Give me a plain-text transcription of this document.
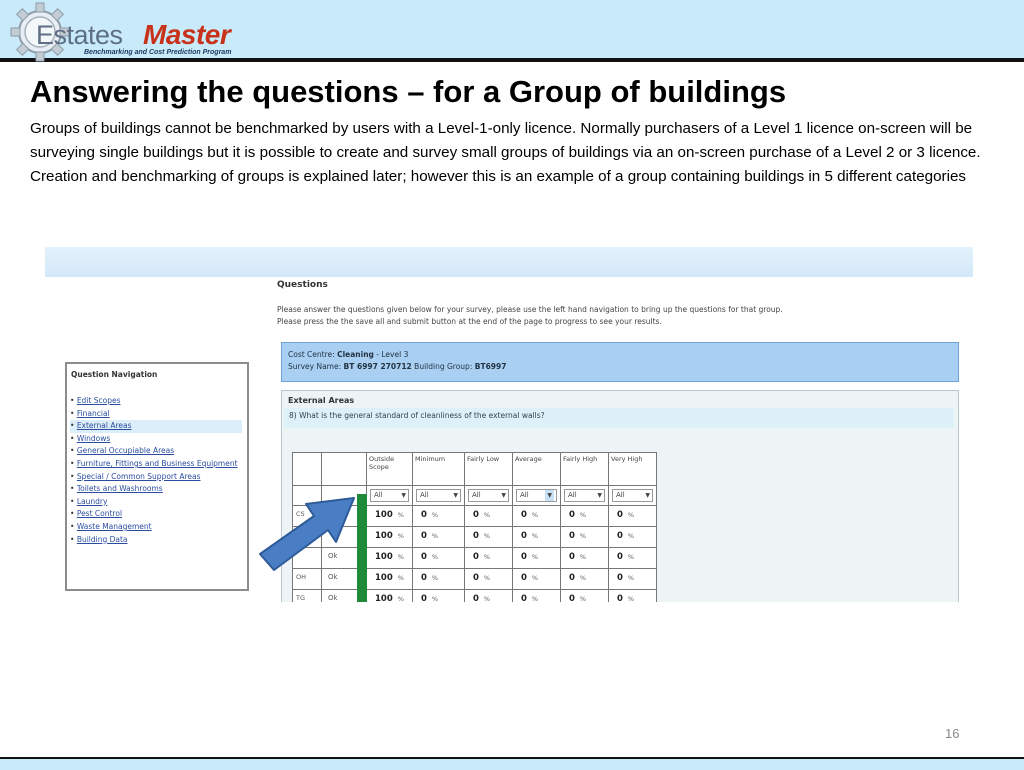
Estates Master
Benchmarking and Cost Prediction Program
Answering the questions – for a Group of buildings

Groups of buildings cannot be benchmarked by users with a Level-1-only licence. Normally purchasers of a Level 1 licence on-screen will be surveying single buildings but it is possible to create and survey small groups of buildings via an on-screen purchase of a Level 2 or 3 licence. Creation and benchmarking of groups is explained later; however this is an example of a group containing buildings in 5 different categories

Questions
Please answer the questions given below for your survey, please use the left hand navigation to bring up the questions for that group.
Please press the the save all and submit button at the end of the page to progress to see your results.
Question Navigation
• Edit Scopes
• Financial
• External Areas
• Windows
• General Occupiable Areas
• Furniture, Fittings and Business Equipment
• Special / Common Support Areas
• Toilets and Washrooms
• Laundry
• Pest Control
• Waste Management
• Building Data
Cost Centre: Cleaning - Level 3
Survey Name: BT 6997 270712 Building Group: BT6997
External Areas
8) What is the general standard of cleanliness of the external walls?
		Outside Scope	Minimum	Fairly Low	Average	Fairly High	Very High

		All ▼	All ▼	All ▼	All ▼	All ▼	All ▼

CS		100 %	0 %	0 %	0 %	0 %	0 %

		100 %	0 %	0 %	0 %	0 %	0 %

	Ok	100 %	0 %	0 %	0 %	0 %	0 %

OH	Ok	100 %	0 %	0 %	0 %	0 %	0 %

TG	Ok	100 %	0 %	0 %	0 %	0 %	0 %
16
